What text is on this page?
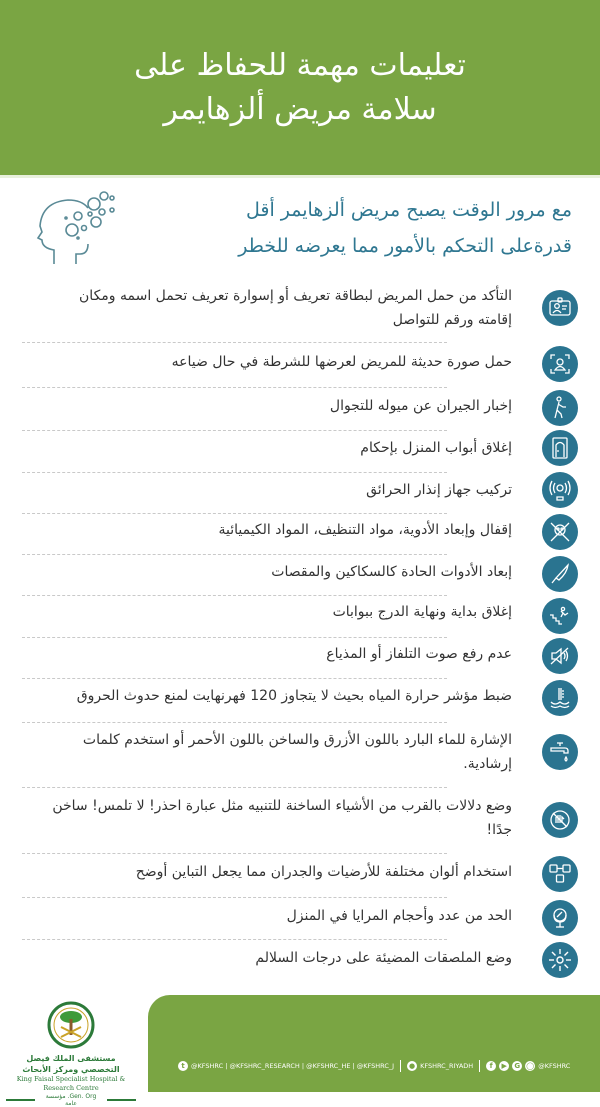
تعليمات مهمة للحفاظ على
سلامة مريض ألزهايمر
مع مرور الوقت يصبح مريض ألزهايمر أقل
قدرةعلى التحكم بالأمور مما يعرضه للخطر
التأكد من حمل المريض لبطاقة تعريف أو إسوارة تعريف تحمل اسمه ومكان إقامته ورقم للتواصل
حمل صورة حديثة للمريض لعرضها للشرطة في حال ضياعه
إخبار الجيران عن ميوله للتجوال
إغلاق أبواب المنزل بإحكام
تركيب جهاز إنذار الحرائق
إقفال وإبعاد الأدوية، مواد التنظيف، المواد الكيميائية
إبعاد الأدوات الحادة كالسكاكين والمقصات
إغلاق بداية ونهاية الدرج ببوابات
عدم رفع صوت التلفاز أو المذياع
ضبط مؤشر حرارة المياه بحيث لا يتجاوز 120 فهرنهايت لمنع حدوث الحروق
الإشارة للماء البارد باللون الأزرق والساخن باللون الأحمر أو استخدم كلمات إرشادية.
وضع دلالات بالقرب من الأشياء الساخنة للتنبيه مثل عبارة احذر! لا تلمس! ساخن جدًا!
استخدام ألوان مختلفة للأرضيات والجدران مما يجعل التباين أوضح
الحد من عدد وأحجام المرايا في المنزل
وضع الملصقات المضيئة على درجات السلالم
مستشفى الملك فيصل التخصصي ومركز الأبحاث
King Faisal Specialist Hospital & Research Centre
Gen. Org. مؤسسة عامة
t @KFSHRC | @KFSHRC_RESEARCH | @KFSHRC_HE | @KFSHRC_J ● KFSHRC_RIYADH	f	▶	G ◯ @KFSHRC
